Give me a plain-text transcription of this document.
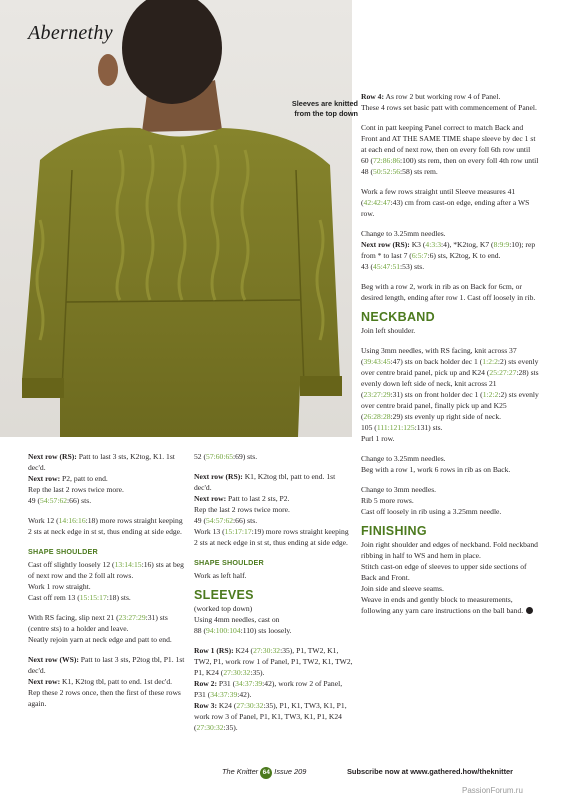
Abernethy
Sleeves are knitted
from the top down

Next row (RS): Patt to last 3 sts, K2tog, K1. 1st dec'd.
Next row: P2, patt to end.
Rep the last 2 rows twice more.
49 (54:57:62:66) sts.

Work 12 (14:16:16:18) more rows straight keeping 2 sts at neck edge in st st, thus ending at side edge.

SHAPE SHOULDER

Cast off slightly loosely 12 (13:14:15:16) sts at beg of next row and the 2 foll alt rows.
Work 1 row straight.
Cast off rem 13 (15:15:17:18) sts.

With RS facing, slip next 21 (23:27:29:31) sts (centre sts) to a holder and leave.
Neatly rejoin yarn at neck edge and patt to end.

Next row (WS): Patt to last 3 sts, P2tog tbl, P1. 1st dec'd.
Next row: K1, K2tog tbl, patt to end. 1st dec'd.
Rep these 2 rows once, then the first of these rows again.

52 (57:60:65:69) sts.

Next row (RS): K1, K2tog tbl, patt to end. 1st dec'd.
Next row: Patt to last 2 sts, P2.
Rep the last 2 rows twice more.
49 (54:57:62:66) sts.
Work 13 (15:17:17:19) more rows straight keeping 2 sts at neck edge in st st, thus ending at side edge.

SHAPE SHOULDER

Work as left half.

SLEEVES

(worked top down)
Using 4mm needles, cast on
88 (94:100:104:110) sts loosely.

Row 1 (RS): K24 (27:30:32:35), P1, TW2, K1, TW2, P1, work row 1 of Panel, P1, TW2, K1, TW2, P1, K24 (27:30:32:35).
Row 2: P31 (34:37:39:42), work row 2 of Panel, P31 (34:37:39:42).
Row 3: K24 (27:30:32:35), P1, K1, TW3, K1, P1, work row 3 of Panel, P1, K1, TW3, K1, P1, K24 (27:30:32:35).

Row 4: As row 2 but working row 4 of Panel.
These 4 rows set basic patt with commencement of Panel.

Cont in patt keeping Panel correct to match Back and Front and AT THE SAME TIME shape sleeve by dec 1 st at each end of next row, then on every foll 6th row until 60 (72:86:86:100) sts rem, then on every foll 4th row until 48 (50:52:56:58) sts rem.

Work a few rows straight until Sleeve measures 41 (42:42:47:43) cm from cast-on edge, ending after a WS row.

Change to 3.25mm needles.
Next row (RS): K3 (4:3:3:4), *K2tog, K7 (8:9:9:10); rep from * to last 7 (6:5:7:6) sts, K2tog, K to end.
43 (45:47:51:53) sts.

Beg with a row 2, work in rib as on Back for 6cm, or desired length, ending after row 1. Cast off loosely in rib.

NECKBAND

Join left shoulder.

Using 3mm needles, with RS facing, knit across 37 (39:43:45:47) sts on back holder dec 1 (1:2:2:2) sts evenly over centre braid panel, pick up and K24 (25:27:27:28) sts evenly down left side of neck, knit across 21 (23:27:29:31) sts on front holder dec 1 (1:2:2:2) sts evenly over centre braid panel, finally pick up and K25 (26:28:28:29) sts evenly up right side of neck.
105 (111:121:125:131) sts.
Purl 1 row.

Change to 3.25mm needles.
Beg with a row 1, work 6 rows in rib as on Back.

Change to 3mm needles.
Rib 5 more rows.
Cast off loosely in rib using a 3.25mm needle.

FINISHING

Join right shoulder and edges of neckband. Fold neckband ribbing in half to WS and hem in place.
Stitch cast-on edge of sleeves to upper side sections of Back and Front.
Join side and sleeve seams.
Weave in ends and gently block to measurements, following any yarn care instructions on the ball band.

The Knitter 64 Issue 209	Subscribe now at www.gathered.how/theknitter
PassionForum.ru
